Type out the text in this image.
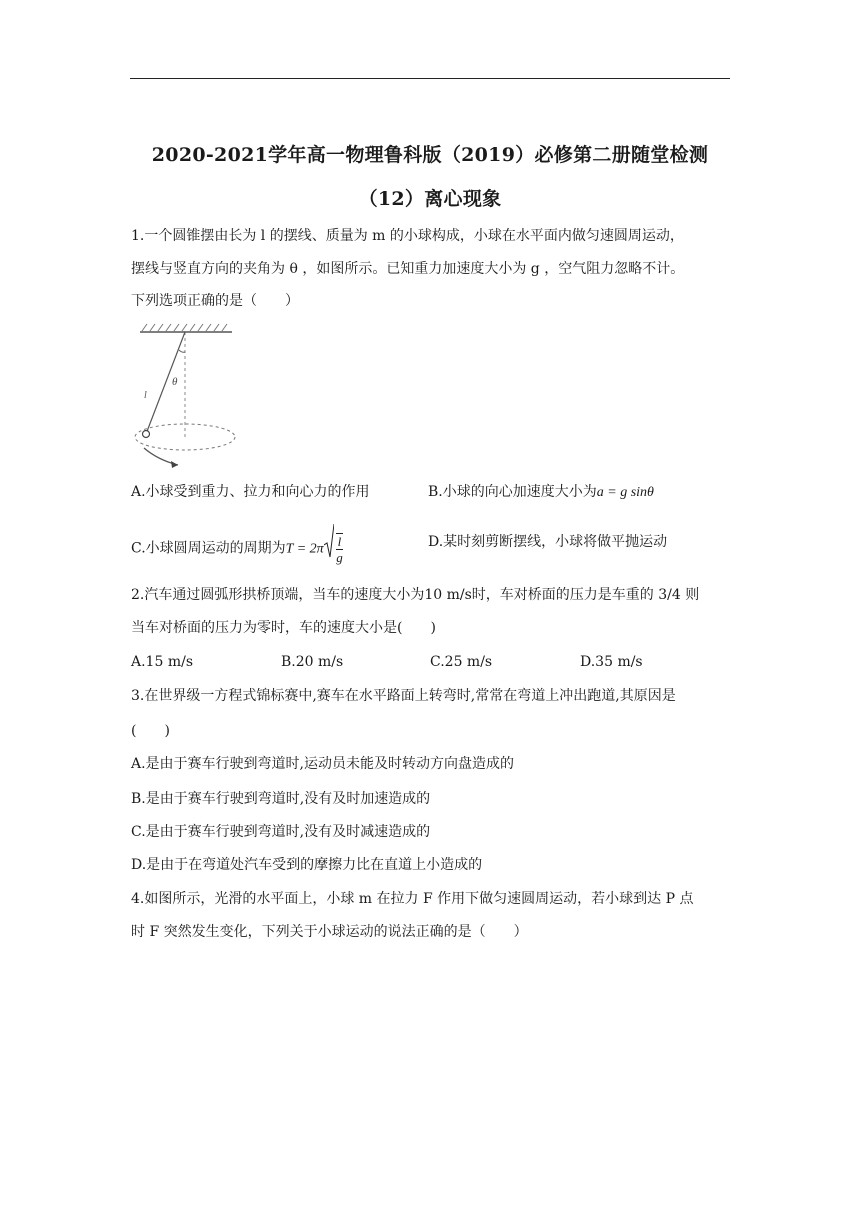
2020-2021学年高一物理鲁科版（2019）必修第二册随堂检测
（12）离心现象
1.一个圆锥摆由长为 l 的摆线、质量为 m 的小球构成，小球在水平面内做匀速圆周运动，
摆线与竖直方向的夹角为 θ ，如图所示。已知重力加速度大小为 g ，空气阻力忽略不计。
下列选项正确的是（　　）
θ
l
A.小球受到重力、拉力和向心力的作用	B.小球的向心加速度大小为a = g sinθ
C.小球圆周运动的周期为$T = 2\pi \frac{l}{g}$	D.某时刻剪断摆线，小球将做平抛运动
2.汽车通过圆弧形拱桥顶端，当车的速度大小为10 m/s时，车对桥面的压力是车重的 3/4 则
当车对桥面的压力为零时，车的速度大小是(　　)
A.15 m/s	B.20 m/s	C.25 m/s	D.35 m/s
3.在世界级一方程式锦标赛中,赛车在水平路面上转弯时,常常在弯道上冲出跑道,其原因是
(　　)
A.是由于赛车行驶到弯道时,运动员未能及时转动方向盘造成的
B.是由于赛车行驶到弯道时,没有及时加速造成的
C.是由于赛车行驶到弯道时,没有及时减速造成的
D.是由于在弯道处汽车受到的摩擦力比在直道上小造成的
4.如图所示，光滑的水平面上，小球 m 在拉力 F 作用下做匀速圆周运动，若小球到达 P 点
时 F 突然发生变化，下列关于小球运动的说法正确的是（　　）
